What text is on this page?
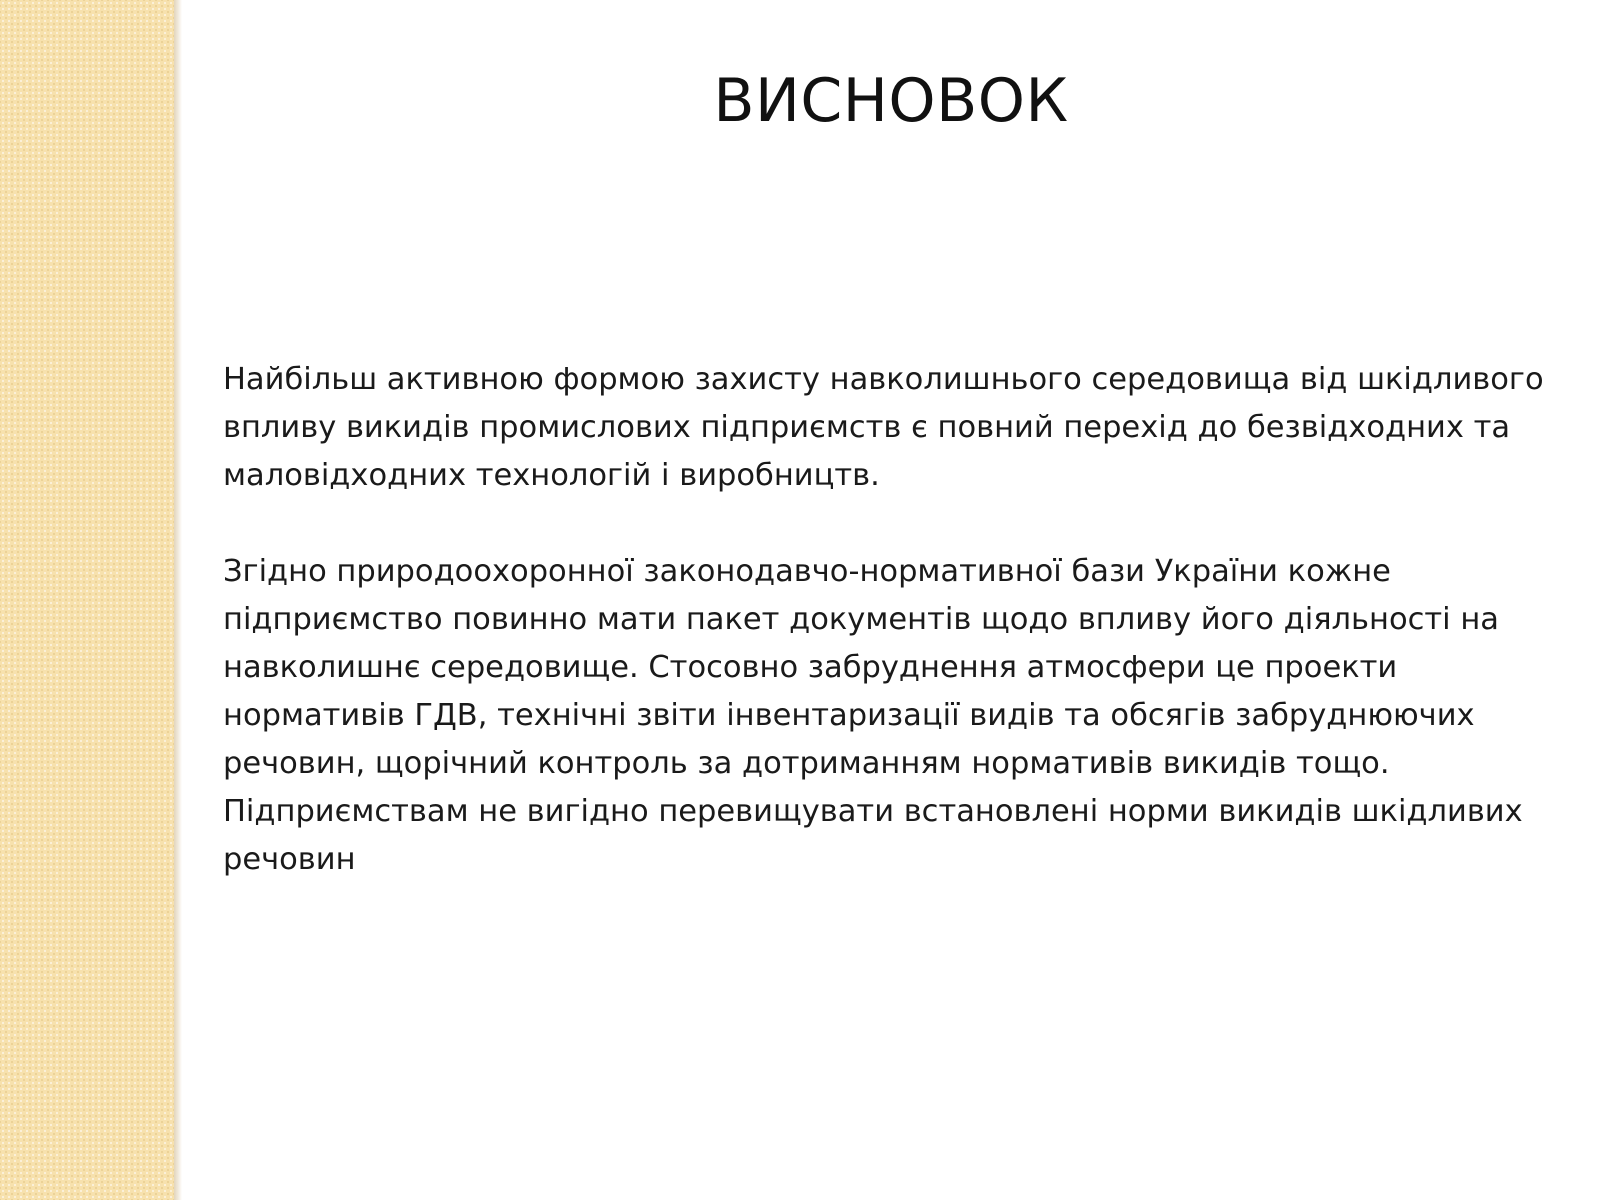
ВИСНОВОК

Найбільш активною формою захисту навколишнього середовища від шкідливого впливу викидів промислових підприємств є повний перехід до безвідходних та маловідходних технологій і виробництв.

Згідно природоохоронної законодавчо-нормативної бази України кожне підприємство повинно мати пакет документів щодо впливу його діяльності на навколишнє середовище. Стосовно забруднення атмосфери це проекти нормативів ГДВ, технічні звіти інвентаризації видів та обсягів забруднюючих речовин, щорічний контроль за дотриманням нормативів викидів тощо. Підприємствам не вигідно перевищувати встановлені норми викидів шкідливих речовин
